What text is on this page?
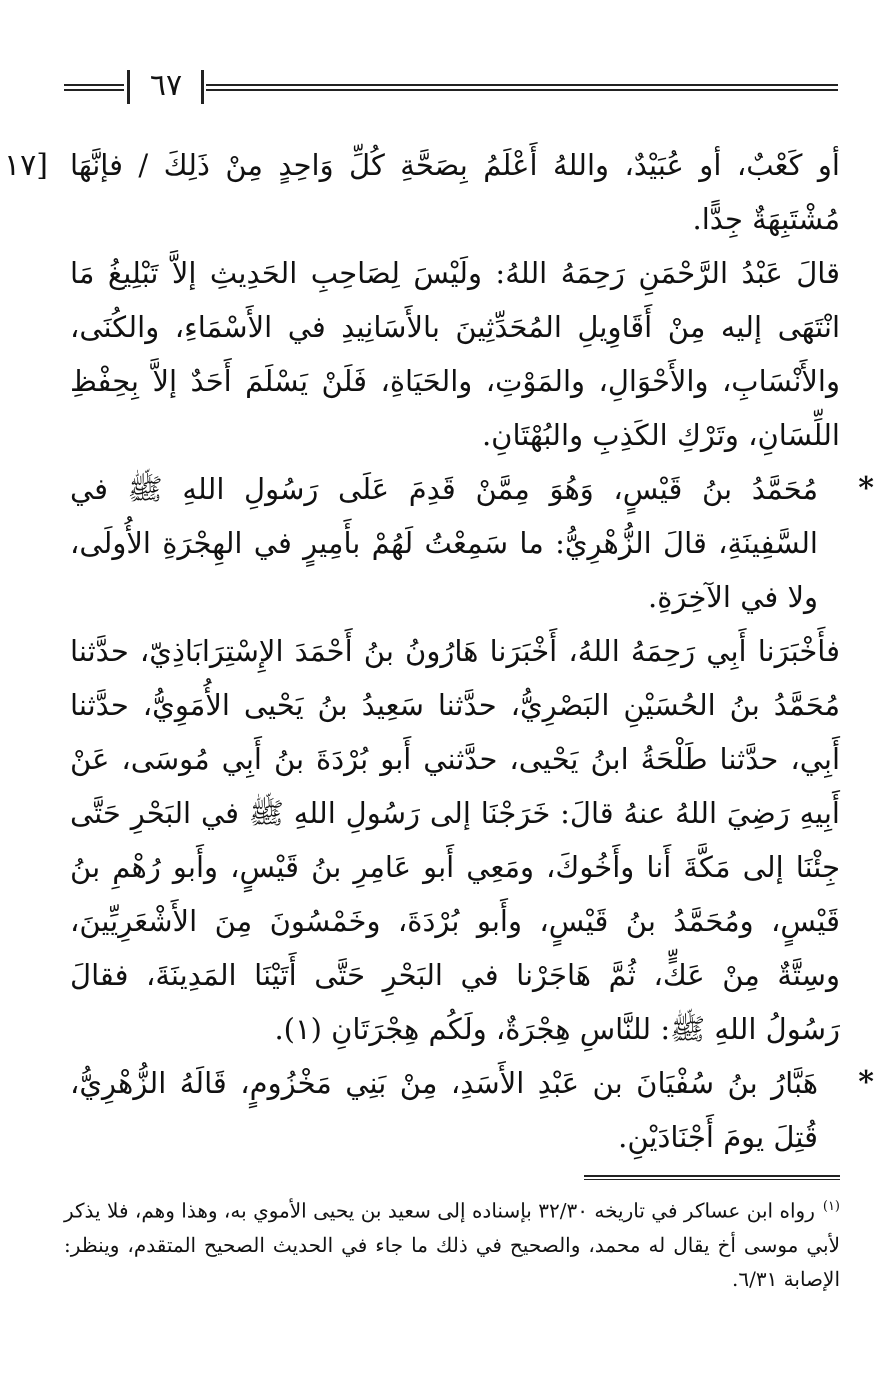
٦٧
[١٧ أو كَعْبٌ، أو عُبَيْدٌ، واللهُ أَعْلَمُ بِصَحَّةِ كُلِّ وَاحِدٍ مِنْ ذَلِكَ / فإنَّهَا مُشْتَبِهَةٌ جِدًّا.

قالَ عَبْدُ الرَّحْمَنِ رَحِمَهُ اللهُ: ولَيْسَ لِصَاحِبِ الحَدِيثِ إلاَّ تَبْلِيغُ مَا انْتَهَى إليه مِنْ أَقَاوِيلِ المُحَدِّثِينَ بالأَسَانِيدِ في الأَسْمَاءِ، والكُنَى، والأَنْسَابِ، والأَحْوَالِ، والمَوْتِ، والحَيَاةِ، فَلَنْ يَسْلَمَ أَحَدٌ إلاَّ بِحِفْظِ اللِّسَانِ، وتَرْكِ الكَذِبِ والبُهْتَانِ.

*
مُحَمَّدُ بنُ قَيْسٍ، وَهُوَ مِمَّنْ قَدِمَ عَلَى رَسُولِ اللهِ ﷺ في السَّفِينَةِ، قالَ الزُّهْرِيُّ: ما سَمِعْتُ لَهُمْ بأَمِيرٍ في الهِجْرَةِ الأُولَى، ولا في الآخِرَةِ.

فأَخْبَرَنا أَبِي رَحِمَهُ اللهُ، أَخْبَرَنا هَارُونُ بنُ أَحْمَدَ الإِسْتِرَابَاذِيّ، حدَّثنا مُحَمَّدُ بنُ الحُسَيْنِ البَصْرِيُّ، حدَّثنا سَعِيدُ بنُ يَحْيى الأُمَوِيُّ، حدَّثنا أَبِي، حدَّثنا طَلْحَةُ ابنُ يَحْيى، حدَّثني أَبو بُرْدَةَ بنُ أَبِي مُوسَى، عَنْ أَبِيهِ رَضِيَ اللهُ عنهُ قالَ: خَرَجْنَا إلى رَسُولِ اللهِ ﷺ في البَحْرِ حَتَّى جِئْنَا إلى مَكَّةَ أَنا وأَخُوكَ، ومَعِي أَبو عَامِرِ بنُ قَيْسٍ، وأَبو رُهْمِ بنُ قَيْسٍ، ومُحَمَّدُ بنُ قَيْسٍ، وأَبو بُرْدَةَ، وخَمْسُونَ مِنَ الأَشْعَرِيِّينَ، وسِتَّةٌ مِنْ عَكٍّ، ثُمَّ هَاجَرْنا في البَحْرِ حَتَّى أَتَيْنَا المَدِينَةَ، فقالَ رَسُولُ اللهِ ﷺ: للنَّاسِ هِجْرَةٌ، ولَكُم هِجْرَتَانِ (١).

*
هَبَّارُ بنُ سُفْيَانَ بن عَبْدِ الأَسَدِ، مِنْ بَنِي مَخْزُومٍ، قَالَهُ الزُّهْرِيُّ، قُتِلَ يومَ أَجْنَادَيْنِ.

$^{(١)}$رواه ابن عساكر في تاريخه ٣٢/٣٠ بإسناده إلى سعيد بن يحيى الأموي به، وهذا وهم، فلا يذكر لأبي موسى أخ يقال له محمد، والصحيح في ذلك ما جاء في الحديث الصحيح المتقدم، وينظر: الإصابة ٦/٣١.
